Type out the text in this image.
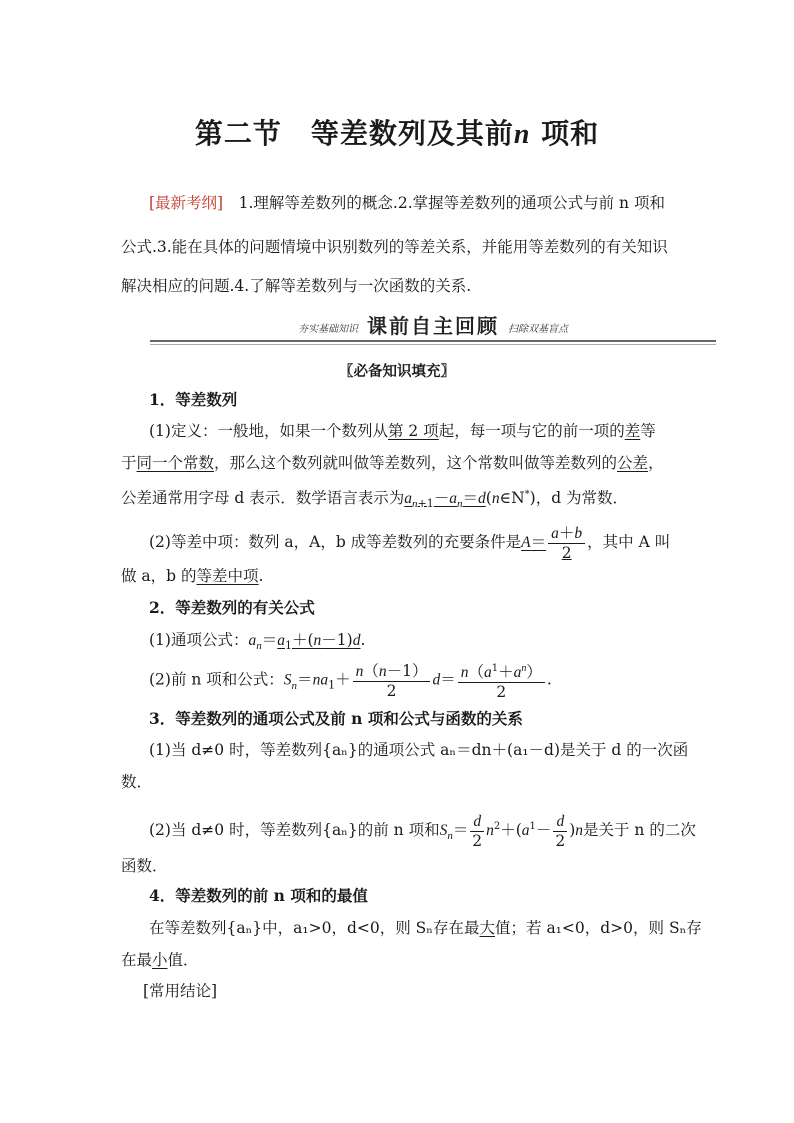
第二节　等差数列及其前n 项和
[最新考纲]　 1.理解等差数列的概念.2.掌握等差数列的通项公式与前 n 项和
公式.3.能在具体的问题情境中识别数列的等差关系，并能用等差数列的有关知识
解决相应的问题.4.了解等差数列与一次函数的关系.
夯实基础知识 课前自主回顾 扫除双基盲点
〖必备知识填充〗
1．等差数列
(1)定义：一般地，如果一个数列从第 2 项起，每一项与它的前一项的差等
于同一个常数，那么这个数列就叫做等差数列，这个常数叫做等差数列的公差，
公差通常用字母 d 表示．数学语言表示为$a_{n+1}-a_n=d(n\in N^*)$，d 为常数．
(2)等差中项：数列 a，A，b 成等差数列的充要条件是$A= \frac{a+b}{2}$ ，其中 A 叫
做 a，b 的等差中项.
2．等差数列的有关公式
(1)通项公式：$a_n=a_1+(n-1)d$.
(2)前 n 项和公式：$S_n=na_1+ \frac{n(n-1)}{2} d= \frac{n(a^1+a^n)}{2}$ .
3．等差数列的通项公式及前 n 项和公式与函数的关系
(1)当 d≠0 时，等差数列{aₙ}的通项公式 aₙ＝dn＋(a₁－d)是关于 d 的一次函
数．
(2)当 d≠0 时，等差数列{aₙ}的前 n 项和$S_n= \frac{d}{2} n^2+(a^1- \frac{d}{2} )n$是关于 n 的二次
函数．
4．等差数列的前 n 项和的最值
在等差数列{aₙ}中，a₁>0，d<0，则 Sₙ存在最大值；若 a₁<0，d>0，则 Sₙ存
在最小值．
[常用结论]
